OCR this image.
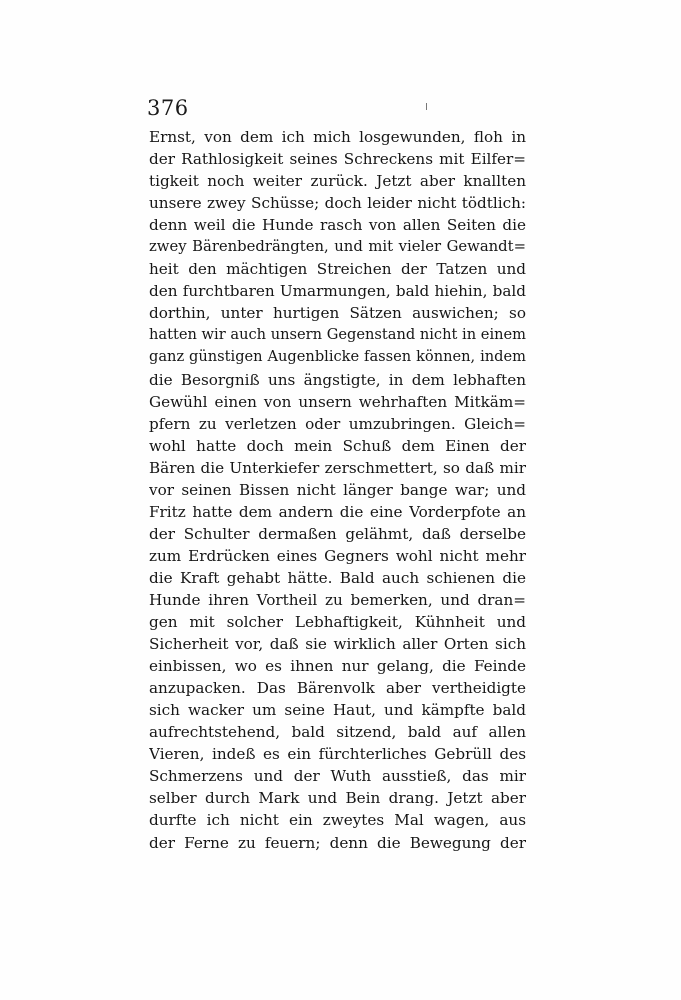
376
Ernst, von dem ich mich losgewunden, floh in
der Rathlosigkeit seines Schreckens mit Eilfer=
tigkeit noch weiter zurück. Jetzt aber knallten
unsere zwey Schüsse; doch leider nicht tödtlich:
denn weil die Hunde rasch von allen Seiten die
zwey Bärenbedrängten, und mit vieler Gewandt=
heit den mächtigen Streichen der Tatzen und
den furchtbaren Umarmungen, bald hiehin, bald
dorthin, unter hurtigen Sätzen auswichen; so
hatten wir auch unsern Gegenstand nicht in einem
ganz günstigen Augenblicke fassen können, indem
die Besorgniß uns ängstigte, in dem lebhaften
Gewühl einen von unsern wehrhaften Mitkäm=
pfern zu verletzen oder umzubringen. Gleich=
wohl hatte doch mein Schuß dem Einen der
Bären die Unterkiefer zerschmettert, so daß mir
vor seinen Bissen nicht länger bange war; und
Fritz hatte dem andern die eine Vorderpfote an
der Schulter dermaßen gelähmt, daß derselbe
zum Erdrücken eines Gegners wohl nicht mehr
die Kraft gehabt hätte. Bald auch schienen die
Hunde ihren Vortheil zu bemerken, und dran=
gen mit solcher Lebhaftigkeit, Kühnheit und
Sicherheit vor, daß sie wirklich aller Orten sich
einbissen, wo es ihnen nur gelang, die Feinde
anzupacken. Das Bärenvolk aber vertheidigte
sich wacker um seine Haut, und kämpfte bald
aufrechtstehend, bald sitzend, bald auf allen
Vieren, indeß es ein fürchterliches Gebrüll des
Schmerzens und der Wuth ausstieß, das mir
selber durch Mark und Bein drang. Jetzt aber
durfte ich nicht ein zweytes Mal wagen, aus
der Ferne zu feuern; denn die Bewegung der
